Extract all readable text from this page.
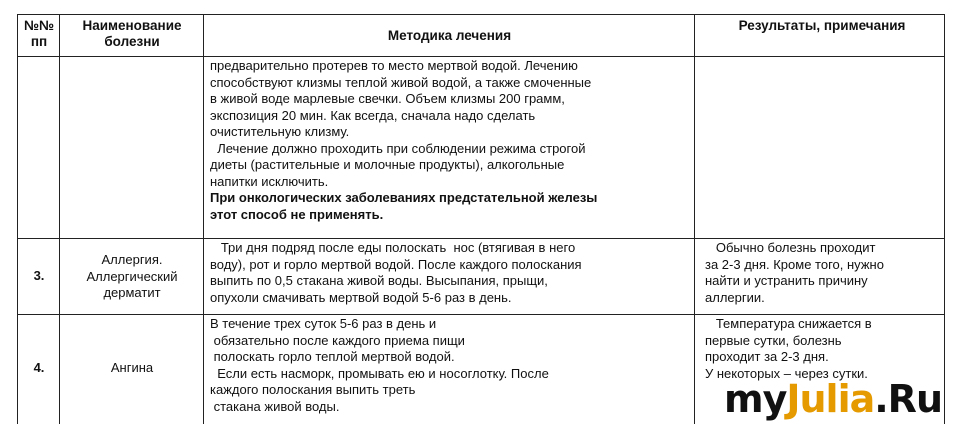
№№ пп
Наименование болезни	Методика лечения
Результаты, примечания
предварительно протерев то место мертвой водой. Лечению
способствуют клизмы теплой живой водой, а также смоченные
в живой воде марлевые свечки. Объем клизмы 200 грамм,
экспозиция 20 мин. Как всегда, сначала надо сделать
очистительную клизму.
Лечение должно проходить при соблюдении режима строгой
диеты (растительные и молочные продукты), алкогольные
напитки исключить.
При онкологических заболеваниях предстательной железы
этот способ не применять.
3.
Аллергия.
Аллергический
дерматит
Три дня подряд после еды полоскать  нос (втягивая в него
воду), рот и горло мертвой водой. После каждого полоскания
выпить по 0,5 стакана живой воды. Высыпания, прыщи,
опухоли смачивать мертвой водой 5-6 раз в день.
Обычно болезнь проходит
за 2-3 дня. Кроме того, нужно
найти и устранить причину
аллергии.
4.	Ангина
В течение трех суток 5-6 раз в день и
обязательно после каждого приема пищи
полоскать горло теплой мертвой водой.
Если есть насморк, промывать ею и носоглотку. После
каждого полоскания выпить треть
стакана живой воды.
Температура снижается в
первые сутки, болезнь
проходит за 2-3 дня.
У некоторых – через сутки.
myJulia.Ru
